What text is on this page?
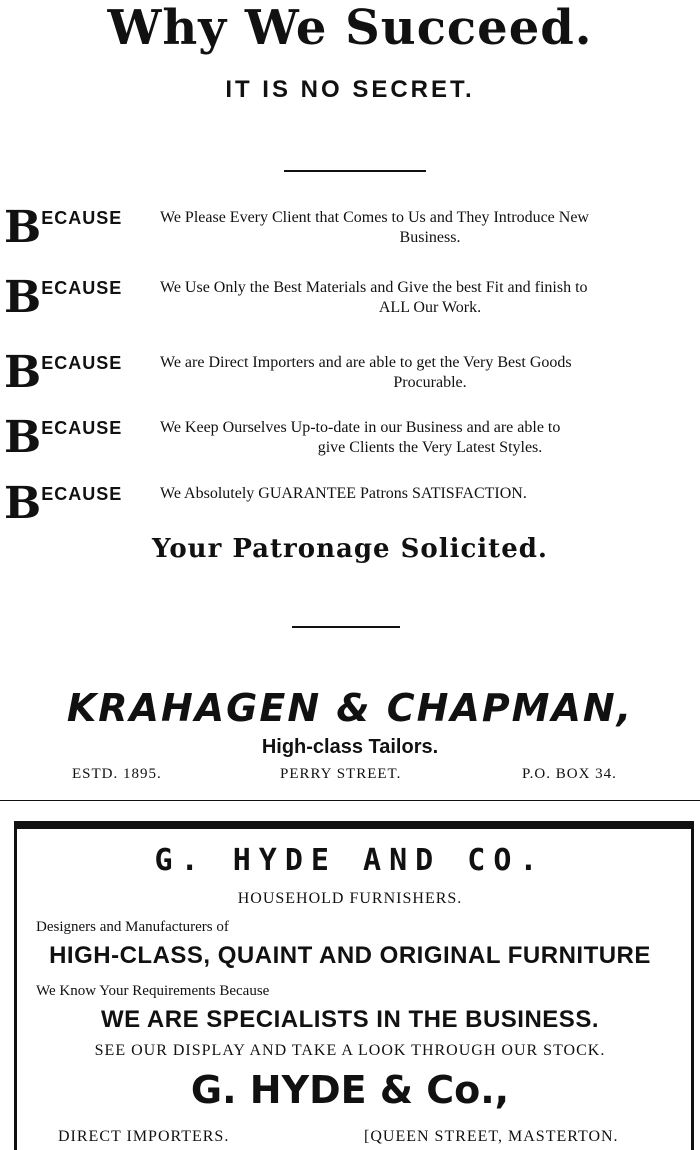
Why We Succeed.
IT IS NO SECRET.
BECAUSE We Please Every Client that Comes to Us and They Introduce New
Business.
BECAUSE We Use Only the Best Materials and Give the best Fit and finish to
ALL Our Work.
BECAUSE We are Direct Importers and are able to get the Very Best Goods
Procurable.
BECAUSE We Keep Ourselves Up-to-date in our Business and are able to
give Clients the Very Latest Styles.
BECAUSE We Absolutely GUARANTEE Patrons SATISFACTION.
Your Patronage Solicited.
KRAHAGEN & CHAPMAN,
High-class Tailors.
ESTD. 1895.	PERRY STREET.	P.O. BOX 34.
G. HYDE AND CO.
HOUSEHOLD FURNISHERS.
Designers and Manufacturers of
HIGH-CLASS, QUAINT AND ORIGINAL FURNITURE
We Know Your Requirements Because
WE ARE SPECIALISTS IN THE BUSINESS.
SEE OUR DISPLAY AND TAKE A LOOK THROUGH OUR STOCK.
G. HYDE & Co.,
DIRECT IMPORTERS.	[QUEEN STREET, MASTERTON.
